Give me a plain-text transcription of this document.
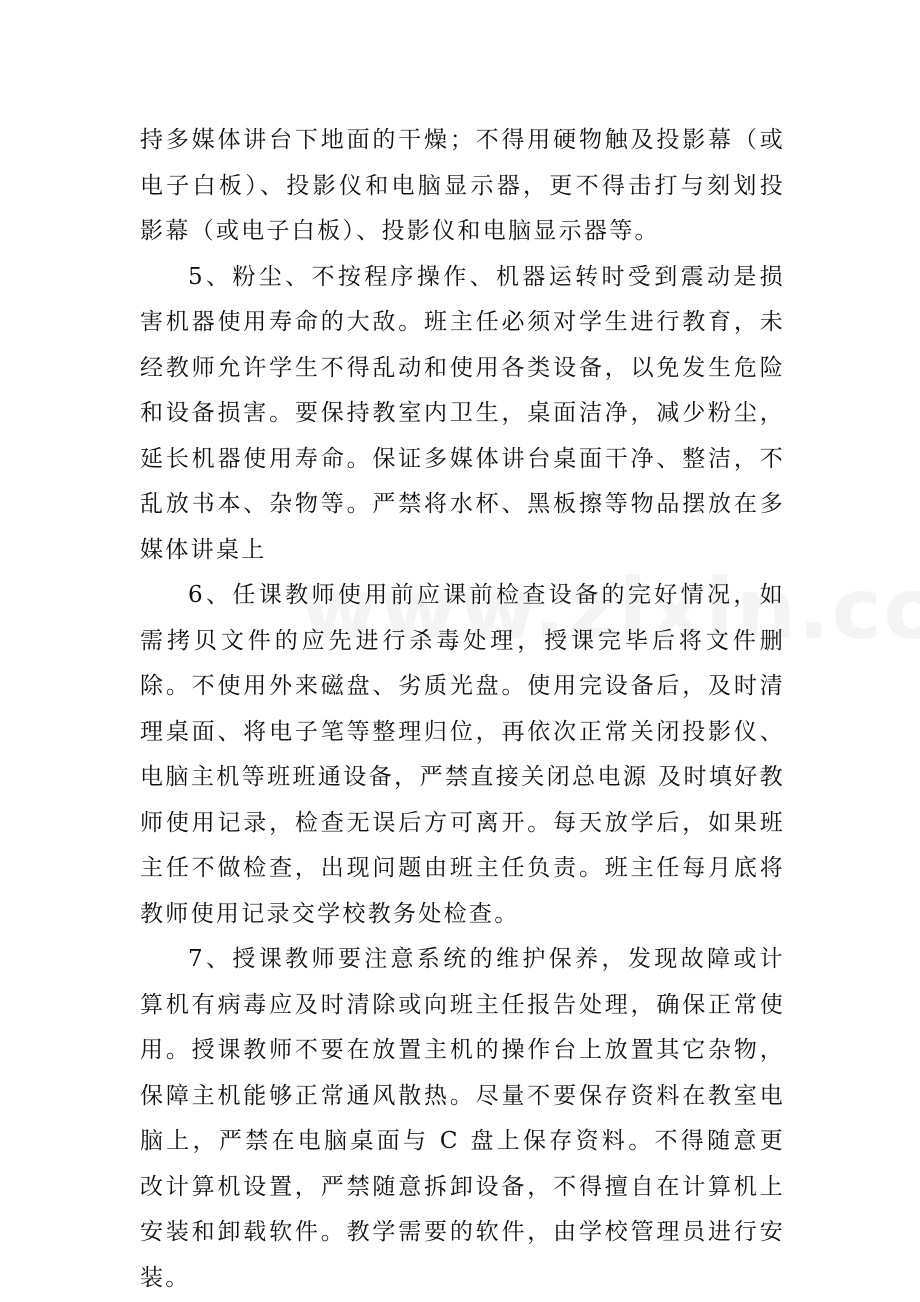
持多媒体讲台下地面的干燥；不得用硬物触及投影幕（或电子白板）、投影仪和电脑显示器，更不得击打与刻划投影幕（或电子白板）、投影仪和电脑显示器等。

5、粉尘、不按程序操作、机器运转时受到震动是损害机器使用寿命的大敌。班主任必须对学生进行教育，未经教师允许学生不得乱动和使用各类设备，以免发生危险和设备损害。要保持教室内卫生，桌面洁净，减少粉尘，延长机器使用寿命。保证多媒体讲台桌面干净、整洁，不乱放书本、杂物等。严禁将水杯、黑板擦等物品摆放在多媒体讲桌上

6、任课教师使用前应课前检查设备的完好情况，如需拷贝文件的应先进行杀毒处理，授课完毕后将文件删除。不使用外来磁盘、劣质光盘。使用完设备后，及时清理桌面、将电子笔等整理归位，再依次正常关闭投影仪、电脑主机等班班通设备，严禁直接关闭总电源 及时填好教师使用记录，检查无误后方可离开。每天放学后，如果班主任不做检查，出现问题由班主任负责。班主任每月底将教师使用记录交学校教务处检查。

7、授课教师要注意系统的维护保养，发现故障或计算机有病毒应及时清除或向班主任报告处理，确保正常使用。授课教师不要在放置主机的操作台上放置其它杂物，保障主机能够正常通风散热。尽量不要保存资料在教室电脑上，严禁在电脑桌面与 C 盘上保存资料。不得随意更改计算机设置，严禁随意拆卸设备，不得擅自在计算机上安装和卸载软件。教学需要的软件，由学校管理员进行安装。
